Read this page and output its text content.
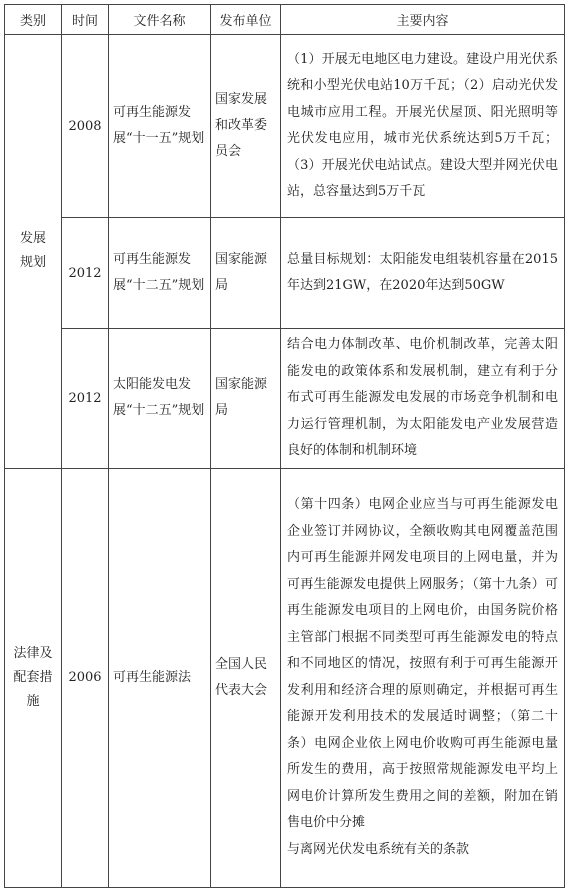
类别	时间	文件名称	发布单位	主要内容

发展规划	2008	可再生能源发展“十一五”规划	国家发展和改革委员会	（1）开展无电地区电力建设。建设户用光伏系统和小型光伏电站10万千瓦；（2）启动光伏发电城市应用工程。开展光伏屋顶、阳光照明等光伏发电应用，城市光伏系统达到5万千瓦；（3）开展光伏电站试点。建设大型并网光伏电站，总容量达到5万千瓦

	2012	可再生能源发展“十二五”规划	国家能源局	总量目标规划：太阳能发电组装机容量在2015年达到21GW，在2020年达到50GW

	2012	太阳能发电发展“十二五”规划	国家能源局	结合电力体制改革、电价机制改革，完善太阳能发电的政策体系和发展机制，建立有利于分布式可再生能源发电发展的市场竞争机制和电力运行管理机制，为太阳能发电产业发展营造良好的体制和机制环境

法律及配套措施	2006	可再生能源法	全国人民代表大会	（第十四条）电网企业应当与可再生能源发电企业签订并网协议，全额收购其电网覆盖范围内可再生能源并网发电项目的上网电量，并为可再生能源发电提供上网服务；（第十九条）可再生能源发电项目的上网电价，由国务院价格主管部门根据不同类型可再生能源发电的特点和不同地区的情况，按照有利于可再生能源开发利用和经济合理的原则确定，并根据可再生能源开发利用技术的发展适时调整；（第二十条）电网企业依上网电价收购可再生能源电量所发生的费用，高于按照常规能源发电平均上网电价计算所发生费用之间的差额，附加在销售电价中分摊
与离网光伏发电系统有关的条款
